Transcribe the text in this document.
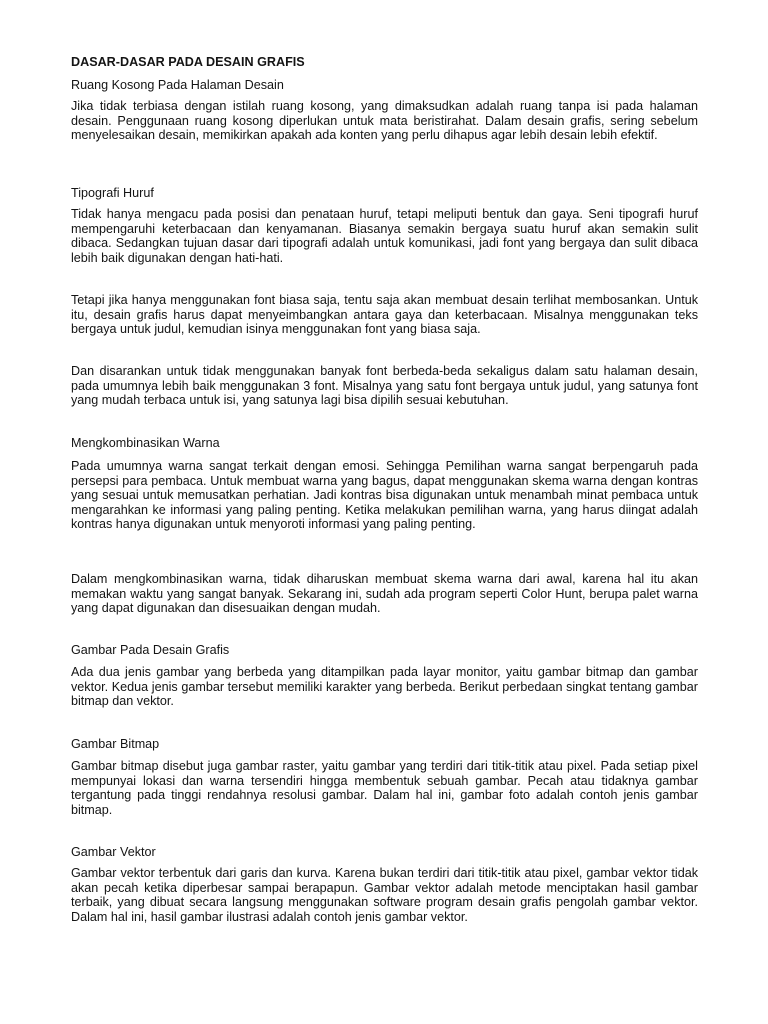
DASAR-DASAR PADA DESAIN GRAFIS
Ruang Kosong Pada Halaman Desain

Jika tidak terbiasa dengan istilah ruang kosong, yang dimaksudkan adalah ruang tanpa isi pada halaman desain. Penggunaan ruang kosong diperlukan untuk mata beristirahat. Dalam desain grafis, sering sebelum menyelesaikan desain, memikirkan apakah ada konten yang perlu dihapus agar lebih desain lebih efektif.

Tipografi Huruf

Tidak hanya mengacu pada posisi dan penataan huruf, tetapi meliputi bentuk dan gaya. Seni tipografi huruf mempengaruhi keterbacaan dan kenyamanan. Biasanya semakin bergaya suatu huruf akan semakin sulit dibaca. Sedangkan tujuan dasar dari tipografi adalah untuk komunikasi, jadi font yang bergaya dan sulit dibaca lebih baik digunakan dengan hati-hati.

Tetapi jika hanya menggunakan font biasa saja, tentu saja akan membuat desain terlihat membosankan. Untuk itu, desain grafis harus dapat menyeimbangkan antara gaya dan keterbacaan. Misalnya menggunakan teks bergaya untuk judul, kemudian isinya menggunakan font yang biasa saja.

Dan disarankan untuk tidak menggunakan banyak font berbeda-beda sekaligus dalam satu halaman desain, pada umumnya lebih baik menggunakan 3 font. Misalnya yang satu font bergaya untuk judul, yang satunya font yang mudah terbaca untuk isi, yang satunya lagi bisa dipilih sesuai kebutuhan.

Mengkombinasikan Warna

Pada umumnya warna sangat terkait dengan emosi. Sehingga Pemilihan warna sangat berpengaruh pada persepsi para pembaca. Untuk membuat warna yang bagus, dapat menggunakan skema warna dengan kontras yang sesuai untuk memusatkan perhatian. Jadi kontras bisa digunakan untuk menambah minat pembaca untuk mengarahkan ke informasi yang paling penting. Ketika melakukan pemilihan warna, yang harus diingat adalah kontras hanya digunakan untuk menyoroti informasi yang paling penting.

Dalam mengkombinasikan warna, tidak diharuskan membuat skema warna dari awal, karena hal itu akan memakan waktu yang sangat banyak. Sekarang ini, sudah ada program seperti Color Hunt, berupa palet warna yang dapat digunakan dan disesuaikan dengan mudah.

Gambar Pada Desain Grafis

Ada dua jenis gambar yang berbeda yang ditampilkan pada layar monitor, yaitu gambar bitmap dan gambar vektor. Kedua jenis gambar tersebut memiliki karakter yang berbeda. Berikut perbedaan singkat tentang gambar bitmap dan vektor.

Gambar Bitmap

Gambar bitmap disebut juga gambar raster, yaitu gambar yang terdiri dari titik-titik atau pixel. Pada setiap pixel mempunyai lokasi dan warna tersendiri hingga membentuk sebuah gambar. Pecah atau tidaknya gambar tergantung pada tinggi rendahnya resolusi gambar. Dalam hal ini, gambar foto adalah contoh jenis gambar bitmap.

Gambar Vektor

Gambar vektor terbentuk dari garis dan kurva. Karena bukan terdiri dari titik-titik atau pixel, gambar vektor tidak akan pecah ketika diperbesar sampai berapapun. Gambar vektor adalah metode menciptakan hasil gambar terbaik, yang dibuat secara langsung menggunakan software program desain grafis pengolah gambar vektor. Dalam hal ini, hasil gambar ilustrasi adalah contoh jenis gambar vektor.
